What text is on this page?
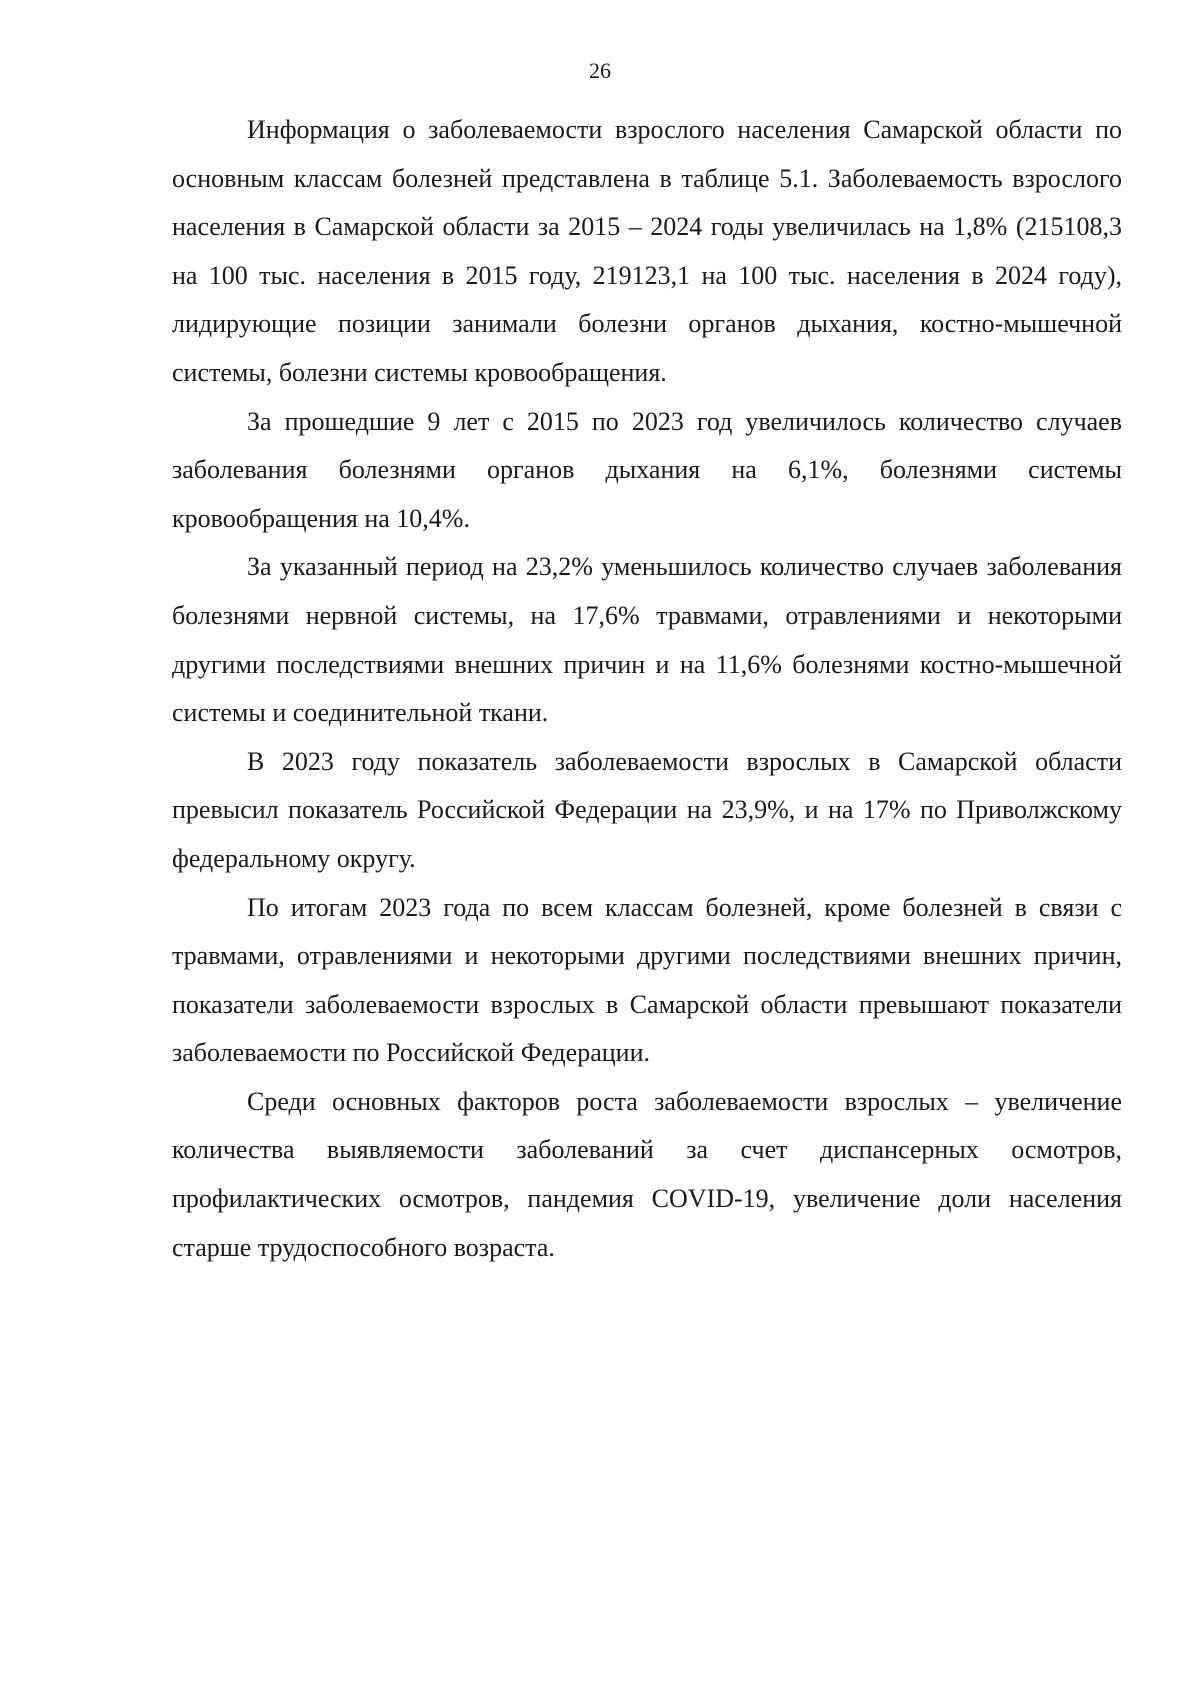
26

Информация о заболеваемости взрослого населения Самарской области по основным классам болезней представлена в таблице 5.1. Заболеваемость взрослого населения в Самарской области за 2015 – 2024 годы увеличилась на 1,8% (215108,3 на 100 тыс. населения в 2015 году, 219123,1 на 100 тыс. населения в 2024 году), лидирующие позиции занимали болезни органов дыхания, костно-мышечной системы, болезни системы кровообращения.

За прошедшие 9 лет с 2015 по 2023 год увеличилось количество случаев заболевания болезнями органов дыхания на 6,1%, болезнями системы кровообращения на 10,4%.

За указанный период на 23,2% уменьшилось количество случаев заболевания болезнями нервной системы, на 17,6% травмами, отравлениями и некоторыми другими последствиями внешних причин и на 11,6% болезнями костно-мышечной системы и соединительной ткани.

В 2023 году показатель заболеваемости взрослых в Самарской области превысил показатель Российской Федерации на 23,9%, и на 17% по Приволжскому федеральному округу.

По итогам 2023 года по всем классам болезней, кроме болезней в связи с травмами, отравлениями и некоторыми другими последствиями внешних причин, показатели заболеваемости взрослых в Самарской области превышают показатели заболеваемости по Российской Федерации.

Среди основных факторов роста заболеваемости взрослых – увеличение количества выявляемости заболеваний за счет диспансерных осмотров, профилактических осмотров, пандемия COVID-19, увеличение доли населения старше трудоспособного возраста.
